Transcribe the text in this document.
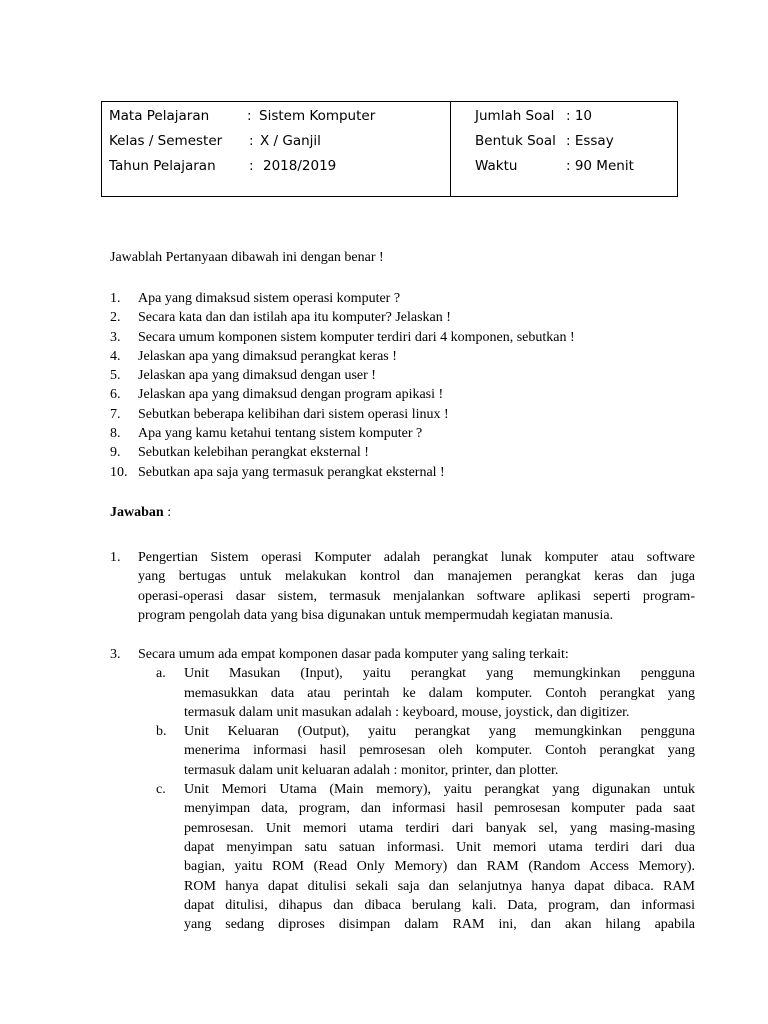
Mata Pelajaran	: Sistem Komputer
Kelas / Semester : X / Ganjil
Tahun Pelajaran : 2018/2019
Jumlah Soal : 10
Bentuk Soal : Essay
Waktu	: 90 Menit
Jawablah Pertanyaan dibawah ini dengan benar !
1.	Apa yang dimaksud sistem operasi komputer ?
2.	Secara kata dan dan istilah apa itu komputer? Jelaskan !
3.	Secara umum komponen sistem komputer terdiri dari 4 komponen, sebutkan !
4.	Jelaskan apa yang dimaksud perangkat keras !
5.	Jelaskan apa yang dimaksud dengan user !
6.	Jelaskan apa yang dimaksud dengan program apikasi !
7.	Sebutkan beberapa kelibihan dari sistem operasi linux !
8.	Apa yang kamu ketahui tentang sistem komputer ?
9.	Sebutkan kelebihan perangkat eksternal !
10. Sebutkan apa saja yang termasuk perangkat eksternal !
Jawaban :
1. Pengertian Sistem operasi Komputer adalah perangkat lunak komputer atau software
yang bertugas untuk melakukan kontrol dan manajemen perangkat keras dan juga
operasi-operasi dasar sistem, termasuk menjalankan software aplikasi seperti program-
program pengolah data yang bisa digunakan untuk mempermudah kegiatan manusia.
3. Secara umum ada empat komponen dasar pada komputer yang saling terkait:
a. Unit Masukan (Input), yaitu perangkat yang memungkinkan pengguna
memasukkan data atau perintah ke dalam komputer. Contoh perangkat yang
termasuk dalam unit masukan adalah : keyboard, mouse, joystick, dan digitizer.
b. Unit Keluaran (Output), yaitu perangkat yang memungkinkan pengguna
menerima informasi hasil pemrosesan oleh komputer. Contoh perangkat yang
termasuk dalam unit keluaran adalah : monitor, printer, dan plotter.
c. Unit Memori Utama (Main memory), yaitu perangkat yang digunakan untuk
menyimpan data, program, dan informasi hasil pemrosesan komputer pada saat
pemrosesan. Unit memori utama terdiri dari banyak sel, yang masing-masing
dapat menyimpan satu satuan informasi. Unit memori utama terdiri dari dua
bagian, yaitu ROM (Read Only Memory) dan RAM (Random Access Memory).
ROM hanya dapat ditulisi sekali saja dan selanjutnya hanya dapat dibaca. RAM
dapat ditulisi, dihapus dan dibaca berulang kali. Data, program, dan informasi
yang sedang diproses disimpan dalam RAM ini, dan akan hilang apabila
